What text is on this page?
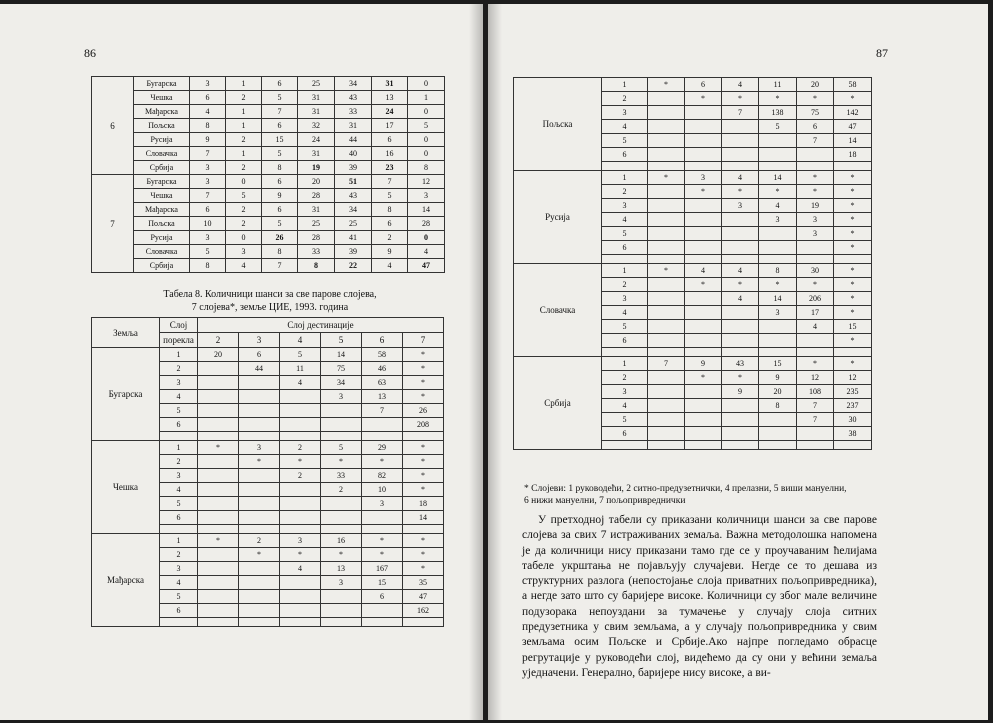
86
6	Бугарска	3	1	6	25	34	31	0
	Чешка	6	2	5	31	43	13	1
	Мађарска	4	1	7	31	33	24	0
	Пољска	8	1	6	32	31	17	5
	Русија	9	2	15	24	44	6	0
	Словачка	7	1	5	31	40	16	0
	Србија	3	2	8	19	39	23	8
7	Бугарска	3	0	6	20	51	7	12
	Чешка	7	5	9	28	43	5	3
	Мађарска	6	2	6	31	34	8	14
	Пољска	10	2	5	25	25	6	28
	Русија	3	0	26	28	41	2	0
	Словачка	5	3	8	33	39	9	4
	Србија	8	4	7	8	22	4	47
Табела 8. Количници шанси за све парове слојева,
7 слојева*, земље ЦИЕ, 1993. година
Земља	Слој	Слој дестинације					
	порекла	2	3	4	5	6	7
Бугарска	1	20	6	5	14	58	*
	2		44	11	75	46	*
	3			4	34	63	*
	4				3	13	*
	5					7	26
	6						208

Чешка	1	*	3	2	5	29	*
	2		*	*	*	*	*
	3			2	33	82	*
	4				2	10	*
	5					3	18
	6						14

Мађарска	1	*	2	3	16	*	*
	2		*	*	*	*	*
	3			4	13	167	*
	4				3	15	35
	5					6	47
	6						162

87
Пољска	1	*	6	4	11	20	58
	2		*	*	*	*	*
	3			7	138	75	142
	4				5	6	47
	5					7	14
	6						18

Русија	1	*	3	4	14	*	*
	2		*	*	*	*	*
	3			3	4	19	*
	4				3	3	*
	5					3	*
	6						*

Словачка	1	*	4	4	8	30	*
	2		*	*	*	*	*
	3			4	14	206	*
	4				3	17	*
	5					4	15
	6						*

Србија	1	7	9	43	15	*	*
	2		*	*	9	12	12
	3			9	20	108	235
	4				8	7	237
	5					7	30
	6						38

* Слојеви: 1 руководећи, 2 ситно-предузетнички, 4 прелазни, 5 виши мануелни,
6 нижи мануелни, 7 пољопривреднички

У претходној табели су приказани количници шанси за све парове слојева за свих 7 истраживаних земаља. Важна методолошка напомена је да количници нису приказани тамо где се у проучаваним ћелијама табеле укрштања не појављују случајеви. Негде се то дешава из структурних разлога (непостојање слоја приватних пољопривредника), а негде зато што су баријере високе. Количници су због мале величине подузорака непоуздани за тумачење у случају слоја ситних предузетника у свим земљама, а у случају пољопривредника у свим земљама осим Пољске и Србије.Ако најпре погледамо обрасце регрутације у руководећи слој, видећемо да су они у већини земаља уједначени. Генерално, баријере нису високе, а ви-
